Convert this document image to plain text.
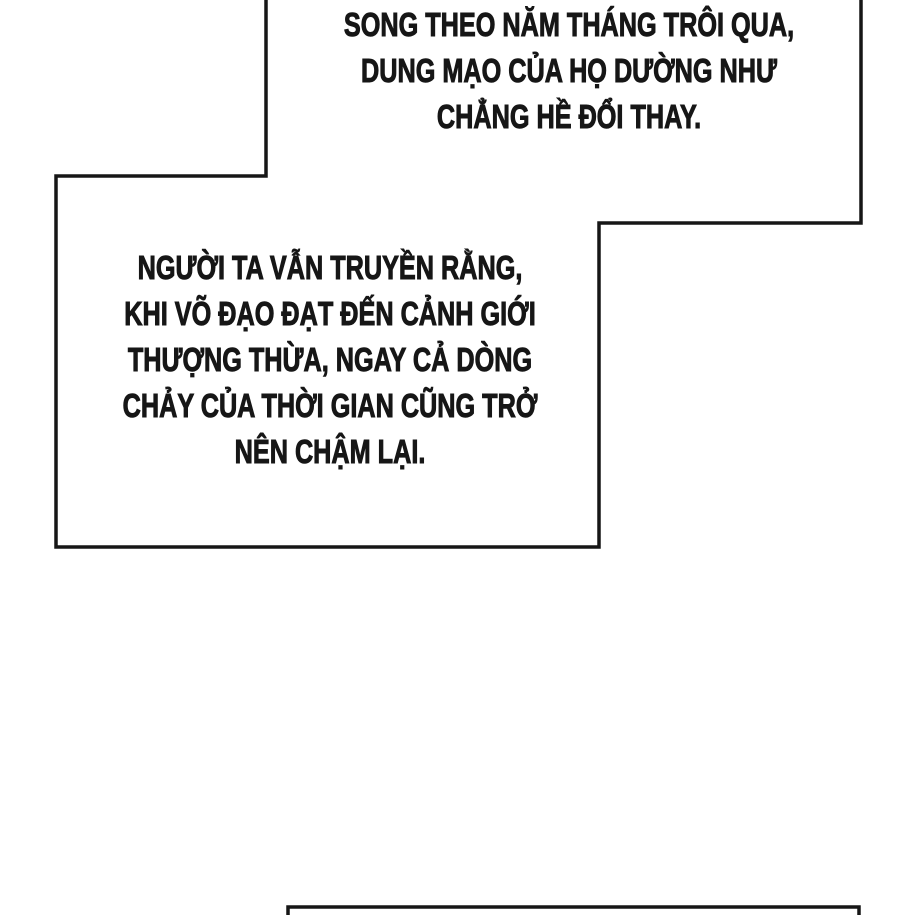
SONG THEO NĂM THÁNG TRÔI QUA,
DUNG MẠO CỦA HỌ DƯỜNG NHƯ
CHẲNG HỀ ĐỔI THAY.
NGƯỜI TA VẪN TRUYỀN RẰNG,
KHI VÕ ĐẠO ĐẠT ĐẾN CẢNH GIỚI
THƯỢNG THỪA, NGAY CẢ DÒNG
CHẢY CỦA THỜI GIAN CŨNG TRỞ
NÊN CHẬM LẠI.
